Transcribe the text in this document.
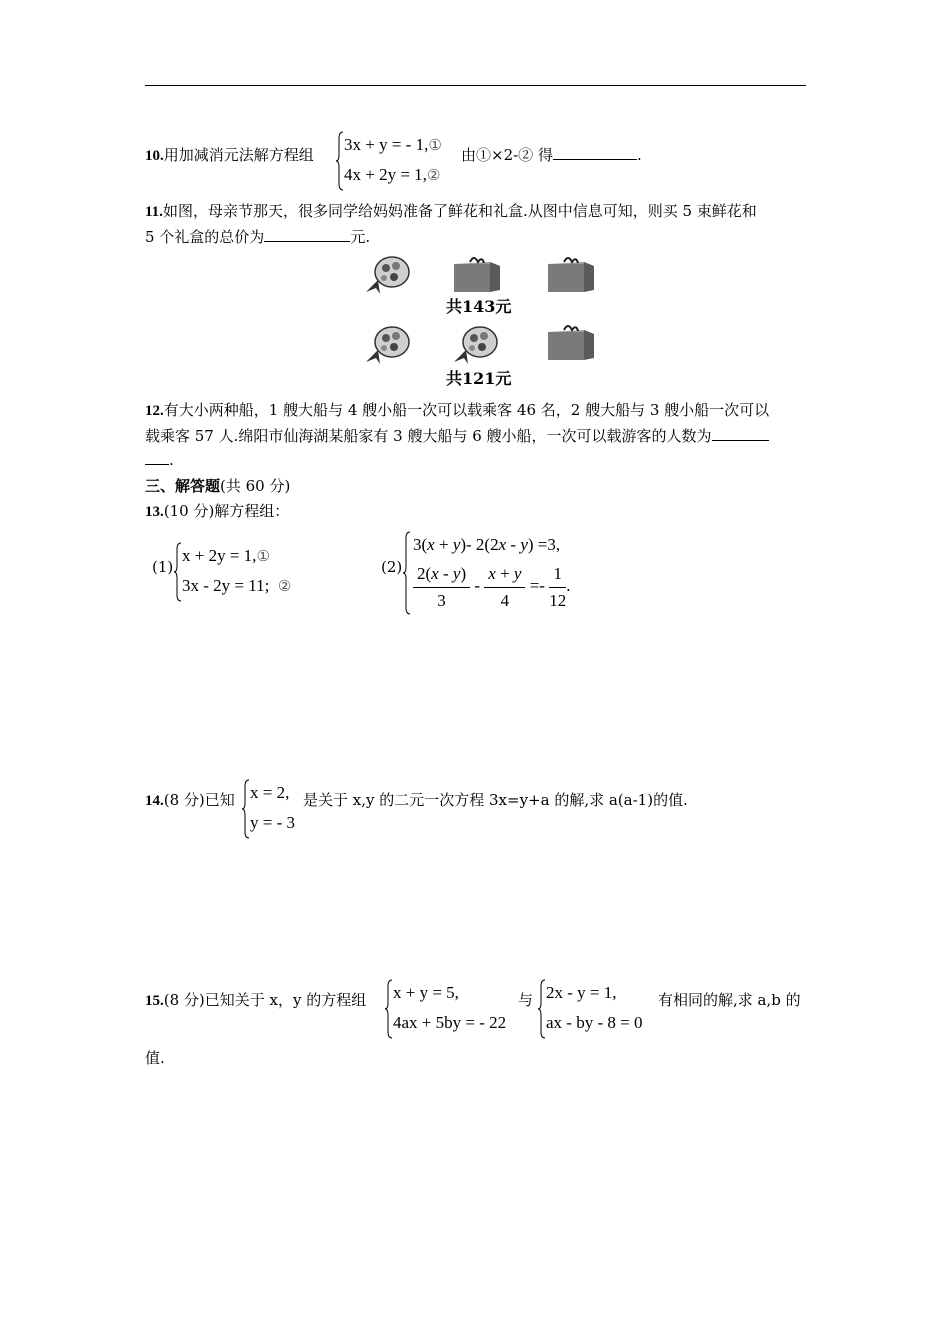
10.用加减消元法解方程组
3x + y = - 1,①
4x + 2y = 1,②
由①×2-② 得	.
11.如图，母亲节那天，很多同学给妈妈准备了鲜花和礼盒.从图中信息可知，则买 5 束鲜花和
5 个礼盒的总价为	元.
共143元
共121元
12.有大小两种船，1 艘大船与 4 艘小船一次可以载乘客 46 名，2 艘大船与 3 艘小船一次可以
载乘客 57 人.绵阳市仙海湖某船家有 3 艘大船与 6 艘小船，一次可以载游客的人数为
.
三、解答题(共 60 分)
13.(10 分)解方程组：
(1)
x + 2y = 1,①
3x - 2y = 11; ②
(2)
3(x + y)- 2(2x - y) =3,
$\frac{2(x - y)}{3} - \frac{x + y}{4} =- \frac{1}{12}$ .
14.(8 分)已知 x = 2,
y = - 3
是关于 x,y 的二元一次方程 3x=y+a 的解,求 a(a-1)的值.
15.(8 分)已知关于 x，y 的方程组 x + y = 5,
4ax + 5by = - 22
与 2x - y = 1,
ax - by - 8 = 0
有相同的解,求 a,b 的
值.
